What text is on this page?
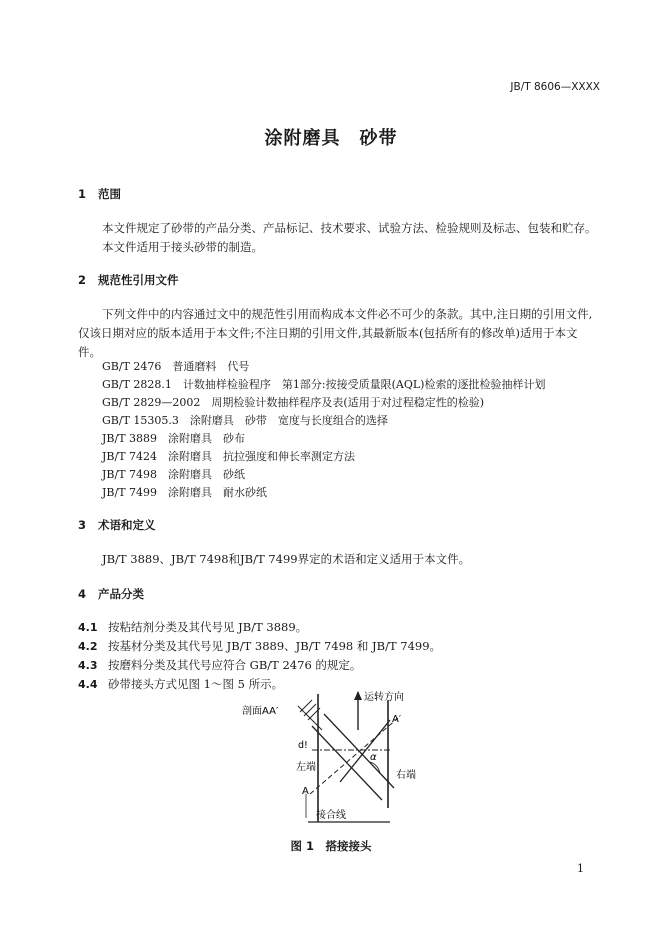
JB/T 8606—XXXX
涂附磨具　砂带
1 范围
本文件规定了砂带的产品分类、产品标记、技术要求、试验方法、检验规则及标志、包装和贮存。
本文件适用于接头砂带的制造。
2 规范性引用文件
下列文件中的内容通过文中的规范性引用而构成本文件必不可少的条款。其中,注日期的引用文件,仅该日期对应的版本适用于本文件;不注日期的引用文件,其最新版本(包括所有的修改单)适用于本文件。
GB/T 2476　普通磨料　代号
GB/T 2828.1　计数抽样检验程序　第1部分:按接受质量限(AQL)检索的逐批检验抽样计划
GB/T 2829—2002　周期检验计数抽样程序及表(适用于对过程稳定性的检验)
GB/T 15305.3　涂附磨具　砂带　宽度与长度组合的选择
JB/T 3889　涂附磨具　砂布
JB/T 7424　涂附磨具　抗拉强度和伸长率测定方法
JB/T 7498　涂附磨具　砂纸
JB/T 7499　涂附磨具　耐水砂纸
3 术语和定义
JB/T 3889、JB/T 7498和JB/T 7499界定的术语和定义适用于本文件。
4 产品分类
4.1 按粘结剂分类及其代号见 JB/T 3889。
4.2 按基材分类及其代号见 JB/T 3889、JB/T 7498 和 JB/T 7499。
4.3 按磨料分类及其代号应符合 GB/T 2476 的规定。
4.4 砂带接头方式见图 1～图 5 所示。
剖面AA′
运转方向
A′
d!
左端
α
右端
A
接合线
图 1　搭接接头
1
